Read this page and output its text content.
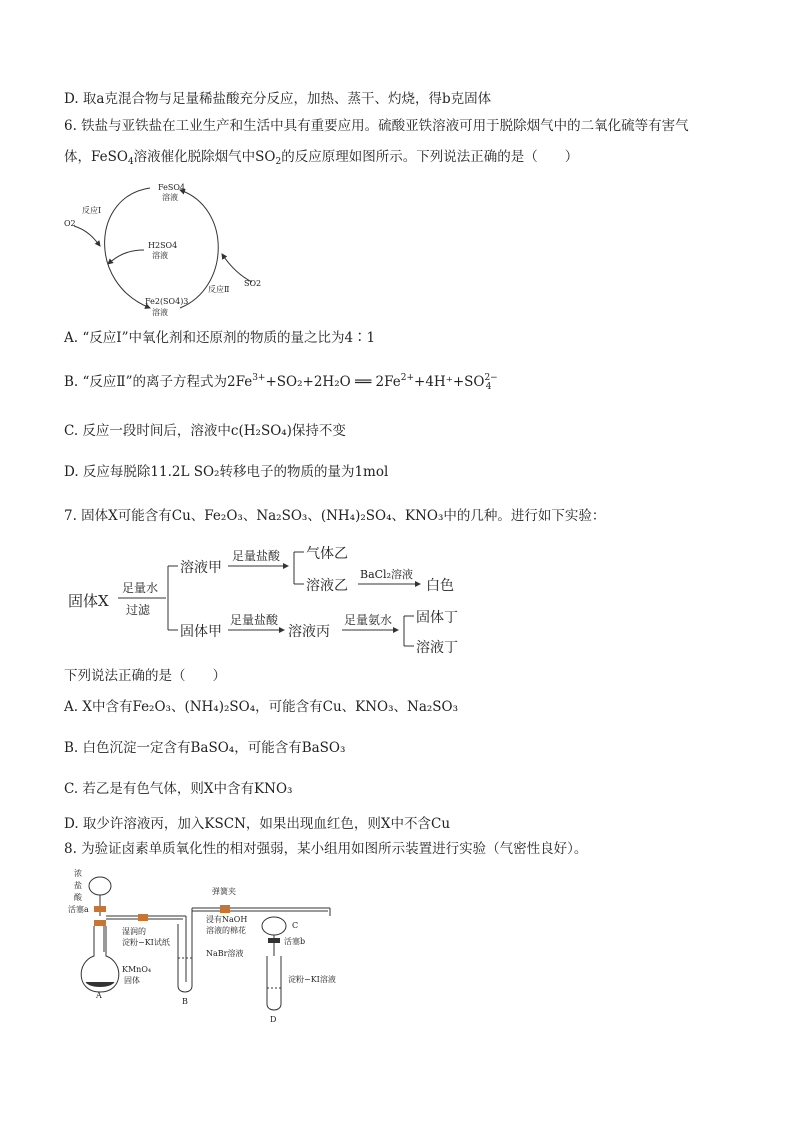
D. 取a克混合物与足量稀盐酸充分反应，加热、蒸干、灼烧，得b克固体
6. 铁盐与亚铁盐在工业生产和生活中具有重要应用。硫酸亚铁溶液可用于脱除烟气中的二氧化硫等有害气
体，FeSO$_4$溶液催化脱除烟气中$SO_2$的反应原理如图所示。下列说法正确的是（　　）
FeSO4
溶液
H2SO4
溶液
Fe2(SO4)3
溶液
O2
SO2
反应Ⅰ
反应Ⅱ
A. “反应Ⅰ”中氧化剂和还原剂的物质的量之比为4∶1
B. “反应Ⅱ”的离子方程式为$2Fe^{3+}+SO_2+2H_2O$ ══ $2Fe^{2+}+4H^++SO^{2-}_4$
C. 反应一段时间后，溶液中c(H₂SO₄)保持不变
D. 反应每脱除11.2L SO₂转移电子的物质的量为1mol
7. 固体X可能含有Cu、Fe₂O₃、Na₂SO₃、(NH₄)₂SO₄、KNO₃中的几种。进行如下实验：
固体X
足量水
过滤
溶液甲
固体甲
足量盐酸 气体乙
溶液乙
BaCl₂溶液
白色
足量盐酸
溶液丙
足量氨水 固体丁
溶液丁
下列说法正确的是（　　）
A. X中含有Fe₂O₃、(NH₄)₂SO₄，可能含有Cu、KNO₃、Na₂SO₃
B. 白色沉淀一定含有BaSO₄，可能含有BaSO₃
C. 若乙是有色气体，则X中含有KNO₃
D. 取少许溶液丙，加入KSCN，如果出现血红色，则X中不含Cu
8. 为验证卤素单质氧化性的相对强弱，某小组用如图所示装置进行实验（气密性良好）。
浓
盐
酸
活塞a
湿润的
淀粉−KI试纸
KMnO₄
固体
A
NaBr溶液
B
弹簧夹
浸有NaOH
溶液的棉花
C
活塞b
淀粉−KI溶液
D
